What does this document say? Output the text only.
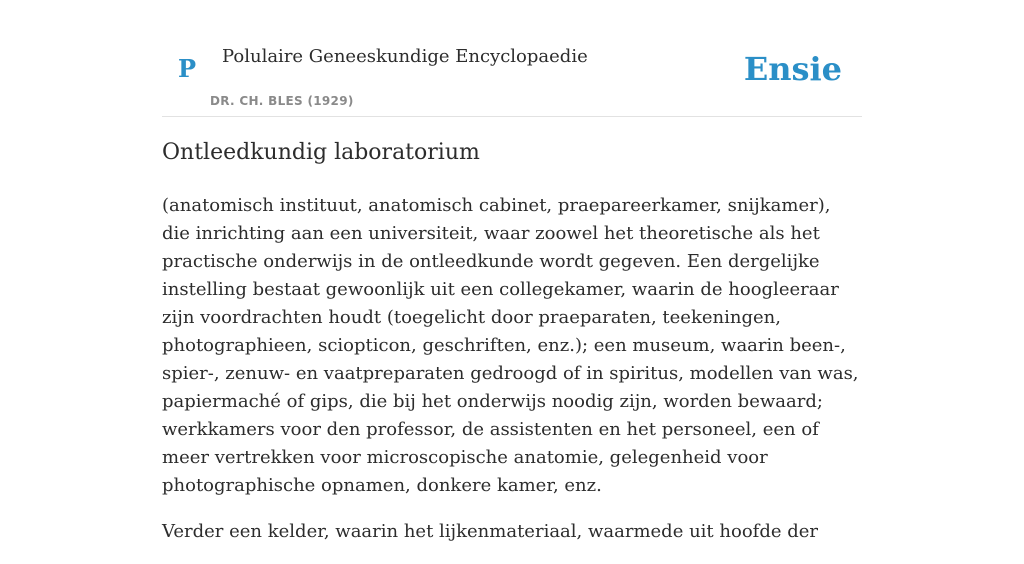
P Polulaire Geneeskundige Encyclopaedie
DR. CH. BLES (1929)
Ensie
Ontleedkundig laboratorium

(anatomisch instituut, anatomisch cabinet, praepareerkamer, snijkamer), die inrichting aan een universiteit, waar zoowel het theoretische als het practische onderwijs in de ontleedkunde wordt gegeven. Een dergelijke instelling bestaat gewoonlijk uit een collegekamer, waarin de hoogleeraar zijn voordrachten houdt (toegelicht door praeparaten, teekeningen, photographieen, sciopticon, geschriften, enz.); een museum, waarin been-, spier-, zenuw- en vaatpreparaten gedroogd of in spiritus, modellen van was, papiermaché of gips, die bij het onderwijs noodig zijn, worden bewaard; werkkamers voor den professor, de assistenten en het personeel, een of meer vertrekken voor microscopische anatomie, gelegenheid voor photographische opnamen, donkere kamer, enz.

Verder een kelder, waarin het lijkenmateriaal, waarmede uit hoofde der
